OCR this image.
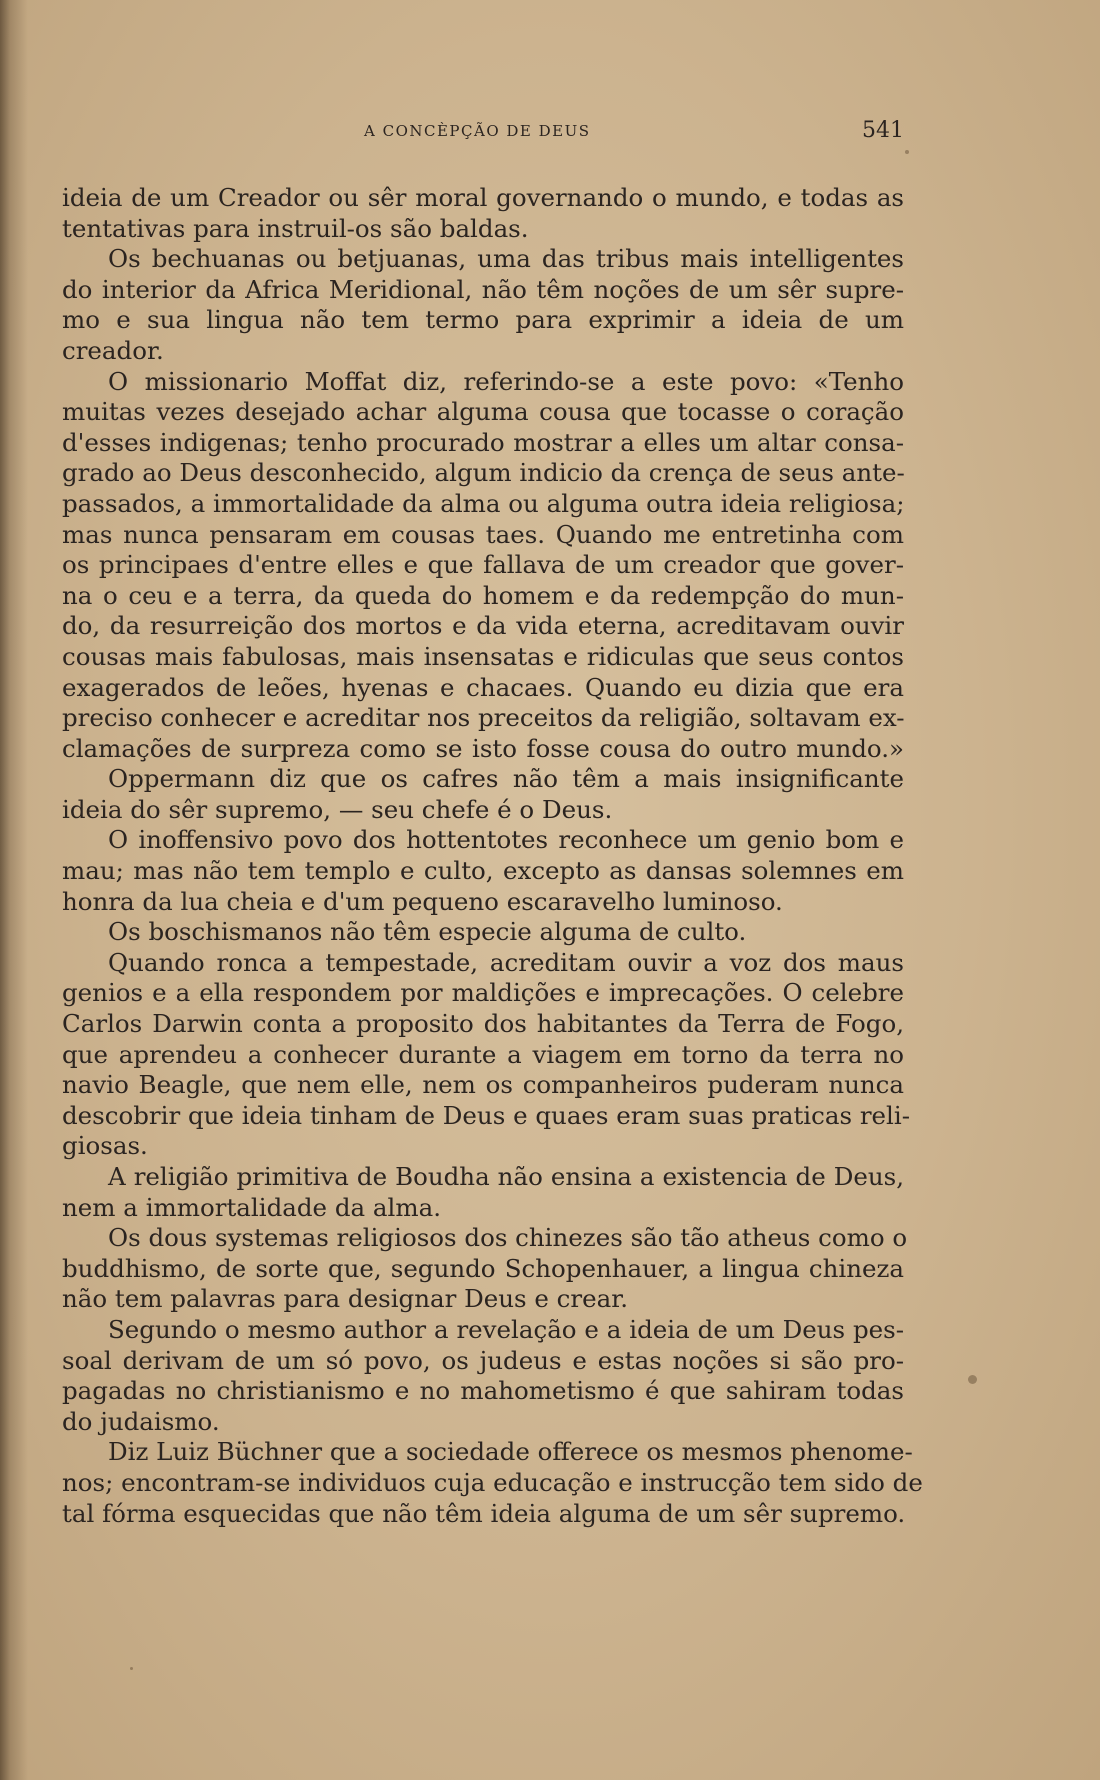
A CONCÈPÇÃO DE DEUS	541
ideia de um Creador ou sêr moral governando o mundo, e todas as
tentativas para instruil-os são baldas.
Os bechuanas ou betjuanas, uma das tribus mais intelligentes
do interior da Africa Meridional, não têm noções de um sêr supre-
mo e sua lingua não tem termo para exprimir a ideia de um
creador.
O missionario Moffat diz, referindo-se a este povo: «Tenho
muitas vezes desejado achar alguma cousa que tocasse o coração
d'esses indigenas; tenho procurado mostrar a elles um altar consa-
grado ao Deus desconhecido, algum indicio da crença de seus ante-
passados, a immortalidade da alma ou alguma outra ideia religiosa;
mas nunca pensaram em cousas taes. Quando me entretinha com
os principaes d'entre elles e que fallava de um creador que gover-
na o ceu e a terra, da queda do homem e da redempção do mun-
do, da resurreição dos mortos e da vida eterna, acreditavam ouvir
cousas mais fabulosas, mais insensatas e ridiculas que seus contos
exagerados de leões, hyenas e chacaes. Quando eu dizia que era
preciso conhecer e acreditar nos preceitos da religião, soltavam ex-
clamações de surpreza como se isto fosse cousa do outro mundo.»
Oppermann diz que os cafres não têm a mais insignificante
ideia do sêr supremo, — seu chefe é o Deus.
O inoffensivo povo dos hottentotes reconhece um genio bom e
mau; mas não tem templo e culto, excepto as dansas solemnes em
honra da lua cheia e d'um pequeno escaravelho luminoso.
Os boschismanos não têm especie alguma de culto.
Quando ronca a tempestade, acreditam ouvir a voz dos maus
genios e a ella respondem por maldições e imprecações. O celebre
Carlos Darwin conta a proposito dos habitantes da Terra de Fogo,
que aprendeu a conhecer durante a viagem em torno da terra no
navio Beagle, que nem elle, nem os companheiros puderam nunca
descobrir que ideia tinham de Deus e quaes eram suas praticas reli-
giosas.
A religião primitiva de Boudha não ensina a existencia de Deus,
nem a immortalidade da alma.
Os dous systemas religiosos dos chinezes são tão atheus como o
buddhismo, de sorte que, segundo Schopenhauer, a lingua chineza
não tem palavras para designar Deus e crear.
Segundo o mesmo author a revelação e a ideia de um Deus pes-
soal derivam de um só povo, os judeus e estas noções si são pro-
pagadas no christianismo e no mahometismo é que sahiram todas
do judaismo.
Diz Luiz Büchner que a sociedade offerece os mesmos phenome-
nos; encontram-se individuos cuja educação e instrucção tem sido de
tal fórma esquecidas que não têm ideia alguma de um sêr supremo.
